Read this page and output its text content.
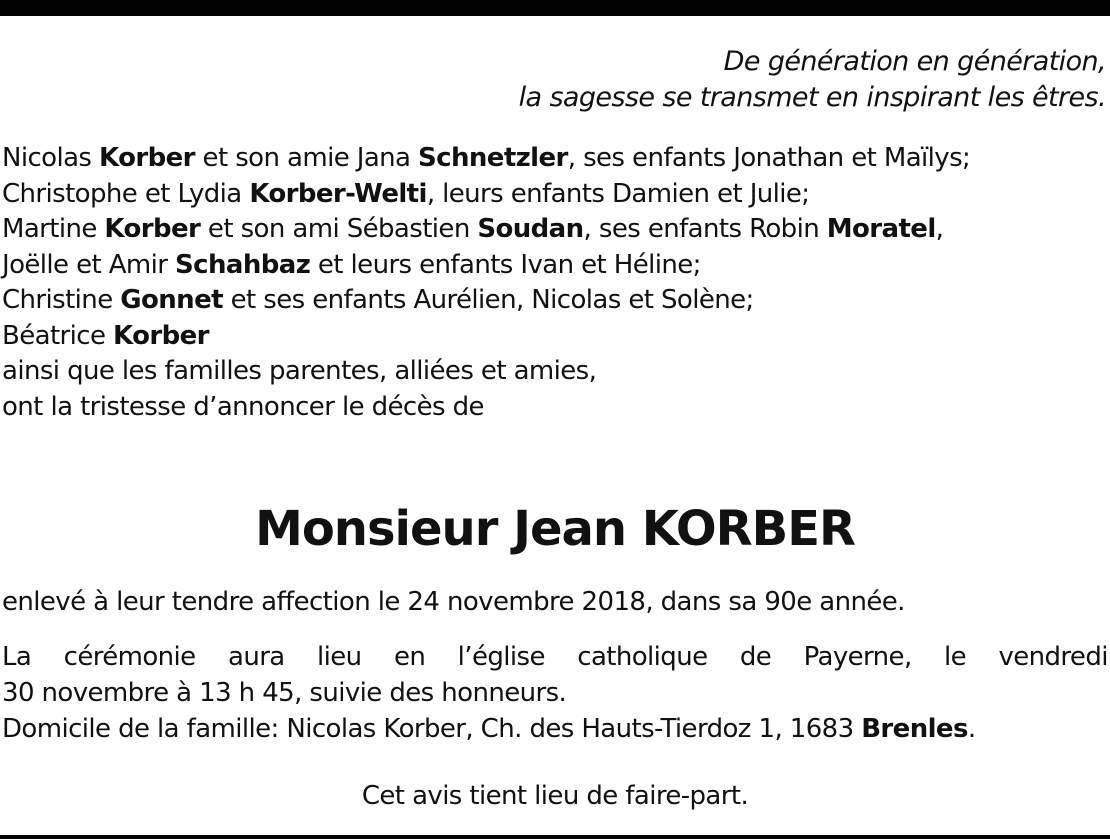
De génération en génération,
la sagesse se transmet en inspirant les êtres.
Nicolas Korber et son amie Jana Schnetzler, ses enfants Jonathan et Maïlys;
Christophe et Lydia Korber-Welti, leurs enfants Damien et Julie;
Martine Korber et son ami Sébastien Soudan, ses enfants Robin Moratel,
Joëlle et Amir Schahbaz et leurs enfants Ivan et Héline;
Christine Gonnet et ses enfants Aurélien, Nicolas et Solène;
Béatrice Korber
ainsi que les familles parentes, alliées et amies,
ont la tristesse d’annoncer le décès de
Monsieur Jean KORBER
enlevé à leur tendre affection le 24 novembre 2018, dans sa 90e année.
La cérémonie aura lieu en l’église catholique de Payerne, le vendredi
30 novembre à 13 h 45, suivie des honneurs.
Domicile de la famille: Nicolas Korber, Ch. des Hauts-Tierdoz 1, 1683 Brenles.
Cet avis tient lieu de faire-part.
